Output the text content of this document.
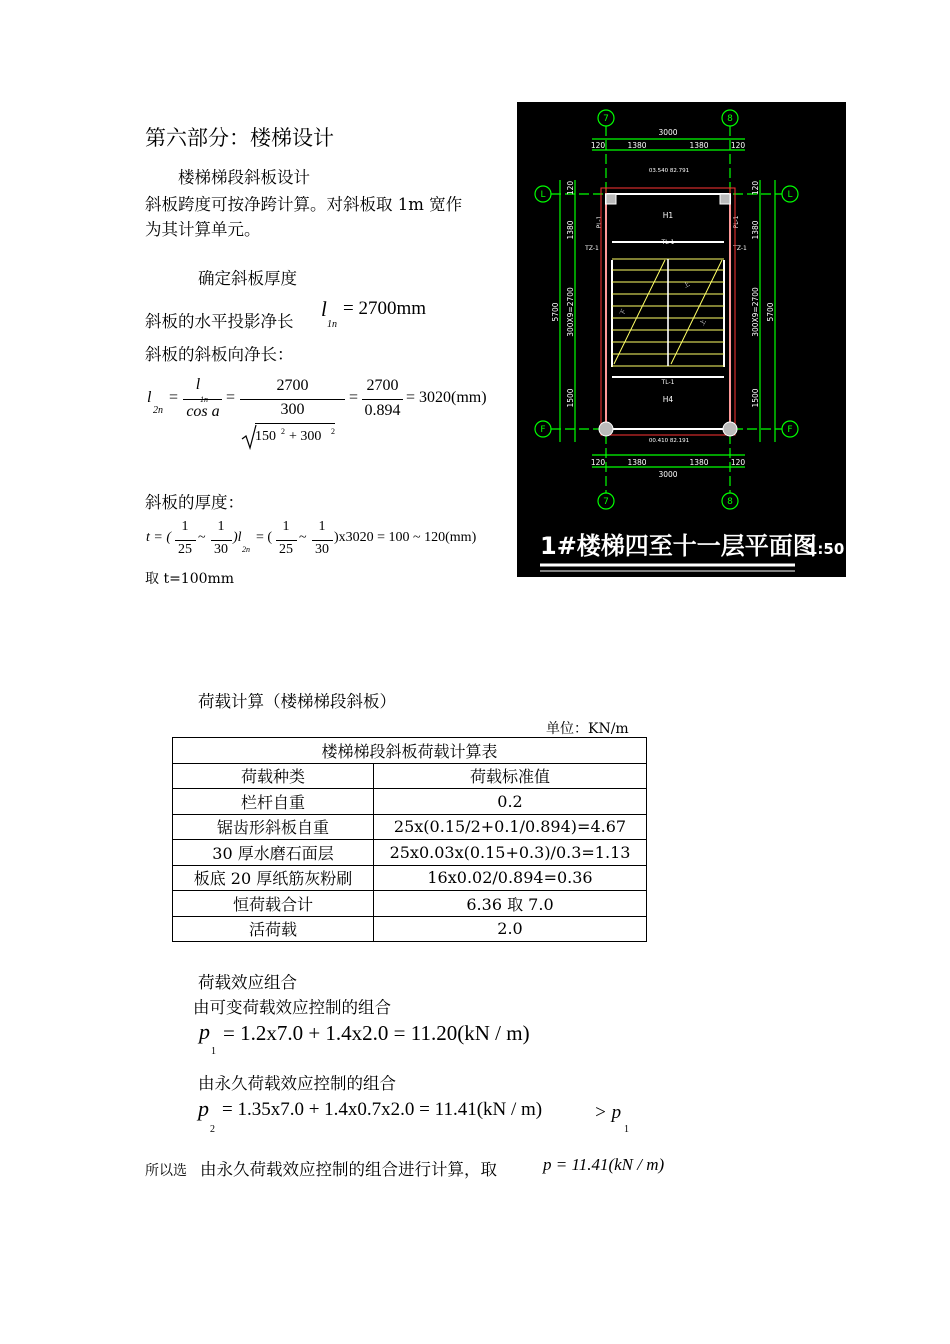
第六部分：楼梯设计
楼梯梯段斜板设计
斜板跨度可按净跨计算。对斜板取 1m 宽作
为其计算单元。
确定斜板厚度
斜板的水平投影净长
l
1n
= 2700mm
斜板的斜板向净长：
l
2n
=
l
cos a
=
2700
300
150 2 + 300 2
=
2700
0.894
= 3020(mm)
斜板的厚度：
t = (
1
25
~
1
30
)l
2n
= (
1
25
~
1
30
)x3020 = 100 ~ 120(mm)
取 t=100mm
7	8
7	8
L	L
F	F
3000
120	1380	1380	120
120	1380	1380	120
3000
5700 300X9=2700
1500
1380
120
5700
300X9=2700
1500
1380
120
H1
H4
TL-1
TL-1
TZ-1	TZ-1
PL-1	PL-1
03.540 82.791
00.410 82.191
下
上
上
1#楼梯四至十一层平面图
1:50
荷载计算（楼梯梯段斜板）
单位：KN/m
楼梯梯段斜板荷载计算表	
荷载种类	荷载标准值
栏杆自重	0.2
锯齿形斜板自重	25x(0.15/2+0.1/0.894)=4.67
30 厚水磨石面层	25x0.03x(0.15+0.3)/0.3=1.13
板底 20 厚纸筋灰粉刷	16x0.02/0.894=0.36
恒荷载合计	6.36 取 7.0
活荷载	2.0
荷载效应组合
由可变荷载效应控制的组合
p
1
= 1.2x7.0 + 1.4x2.0 = 11.20(kN / m)
由永久荷载效应控制的组合
p
2
= 1.35x7.0 + 1.4x0.7x2.0 = 11.41(kN / m)	> p
1
所以选 由永久荷载效应控制的组合进行计算，取	p = 11.41(kN / m)
